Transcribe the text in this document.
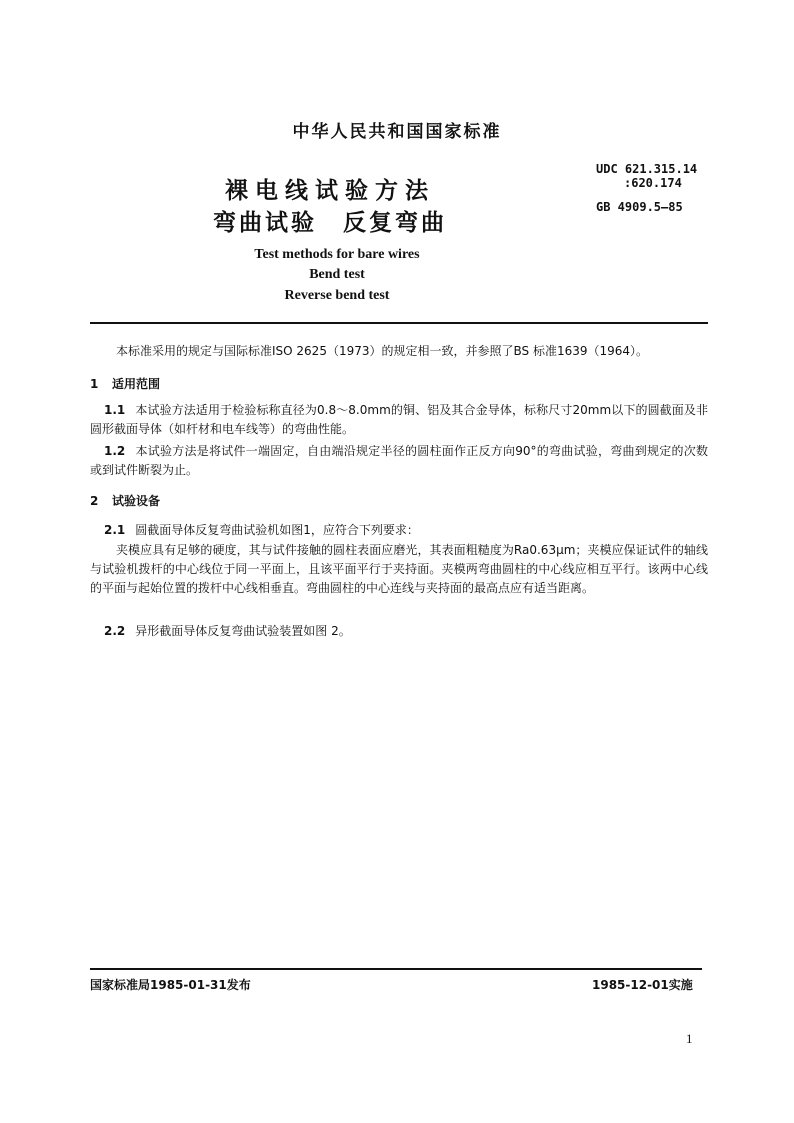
中华人民共和国国家标准
裸电线试验方法
弯曲试验 反复弯曲
UDC 621.315.14
:620.174
GB 4909.5—85
Test methods for bare wires
Bend test
Reverse bend test
本标准采用的规定与国际标准ISO 2625（1973）的规定相一致，并参照了BS 标准1639（1964）。
1 适用范围
1.1 本试验方法适用于检验标称直径为0.8～8.0mm的铜、铝及其合金导体，标称尺寸20mm以下的圆截面及非圆形截面导体（如杆材和电车线等）的弯曲性能。
1.2 本试验方法是将试件一端固定，自由端沿规定半径的圆柱面作正反方向90°的弯曲试验，弯曲到规定的次数或到试件断裂为止。
2 试验设备
2.1 圆截面导体反复弯曲试验机如图1，应符合下列要求：
夹模应具有足够的硬度，其与试件接触的圆柱表面应磨光，其表面粗糙度为Ra0.63μm；夹模应保证试件的轴线与试验机拨杆的中心线位于同一平面上，且该平面平行于夹持面。夹模两弯曲圆柱的中心线应相互平行。该两中心线的平面与起始位置的拨杆中心线相垂直。弯曲圆柱的中心连线与夹持面的最高点应有适当距离。
2.2 异形截面导体反复弯曲试验装置如图 2。
国家标准局1985-01-31发布	1985-12-01实施
1
